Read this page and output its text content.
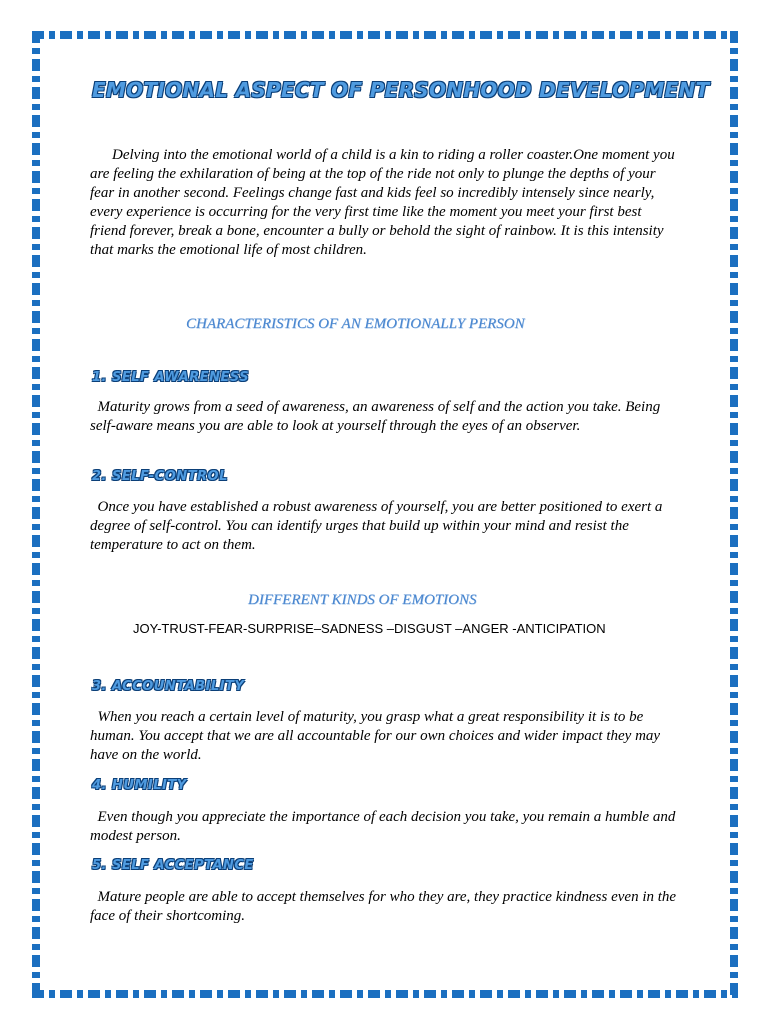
EMOTIONAL ASPECT OF PERSONHOOD DEVELOPMENT

Delving into the emotional world of a child is a kin to riding a roller coaster.One moment you are feeling the exhilaration of being at the top of the ride not only to plunge the depths of your fear in another second. Feelings change fast and kids feel so incredibly intensely since nearly, every experience is occurring for the very first time like the moment you meet your first best friend forever, break a bone, encounter a bully or behold the sight of rainbow. It is this intensity that marks the emotional life of most children.

CHARACTERISTICS OF AN EMOTIONALLY PERSON
1. SELF AWARENESS

Maturity grows from a seed of awareness, an awareness of self and the action you take. Being self-aware means you are able to look at yourself through the eyes of an observer.

2. SELF-CONTROL

Once you have established a robust awareness of yourself, you are better positioned to exert a degree of self-control. You can identify urges that build up within your mind and resist the temperature to act on them.

DIFFERENT KINDS OF EMOTIONS
JOY-TRUST-FEAR-SURPRISE–SADNESS –DISGUST –ANGER -ANTICIPATION
3. ACCOUNTABILITY

When you reach a certain level of maturity, you grasp what a great responsibility it is to be human. You accept that we are all accountable for our own choices and wider impact they may have on the world.

4. HUMILITY

Even though you appreciate the importance of each decision you take, you remain a humble and modest person.

5. SELF ACCEPTANCE

Mature people are able to accept themselves for who they are, they practice kindness even in the face of their shortcoming.
